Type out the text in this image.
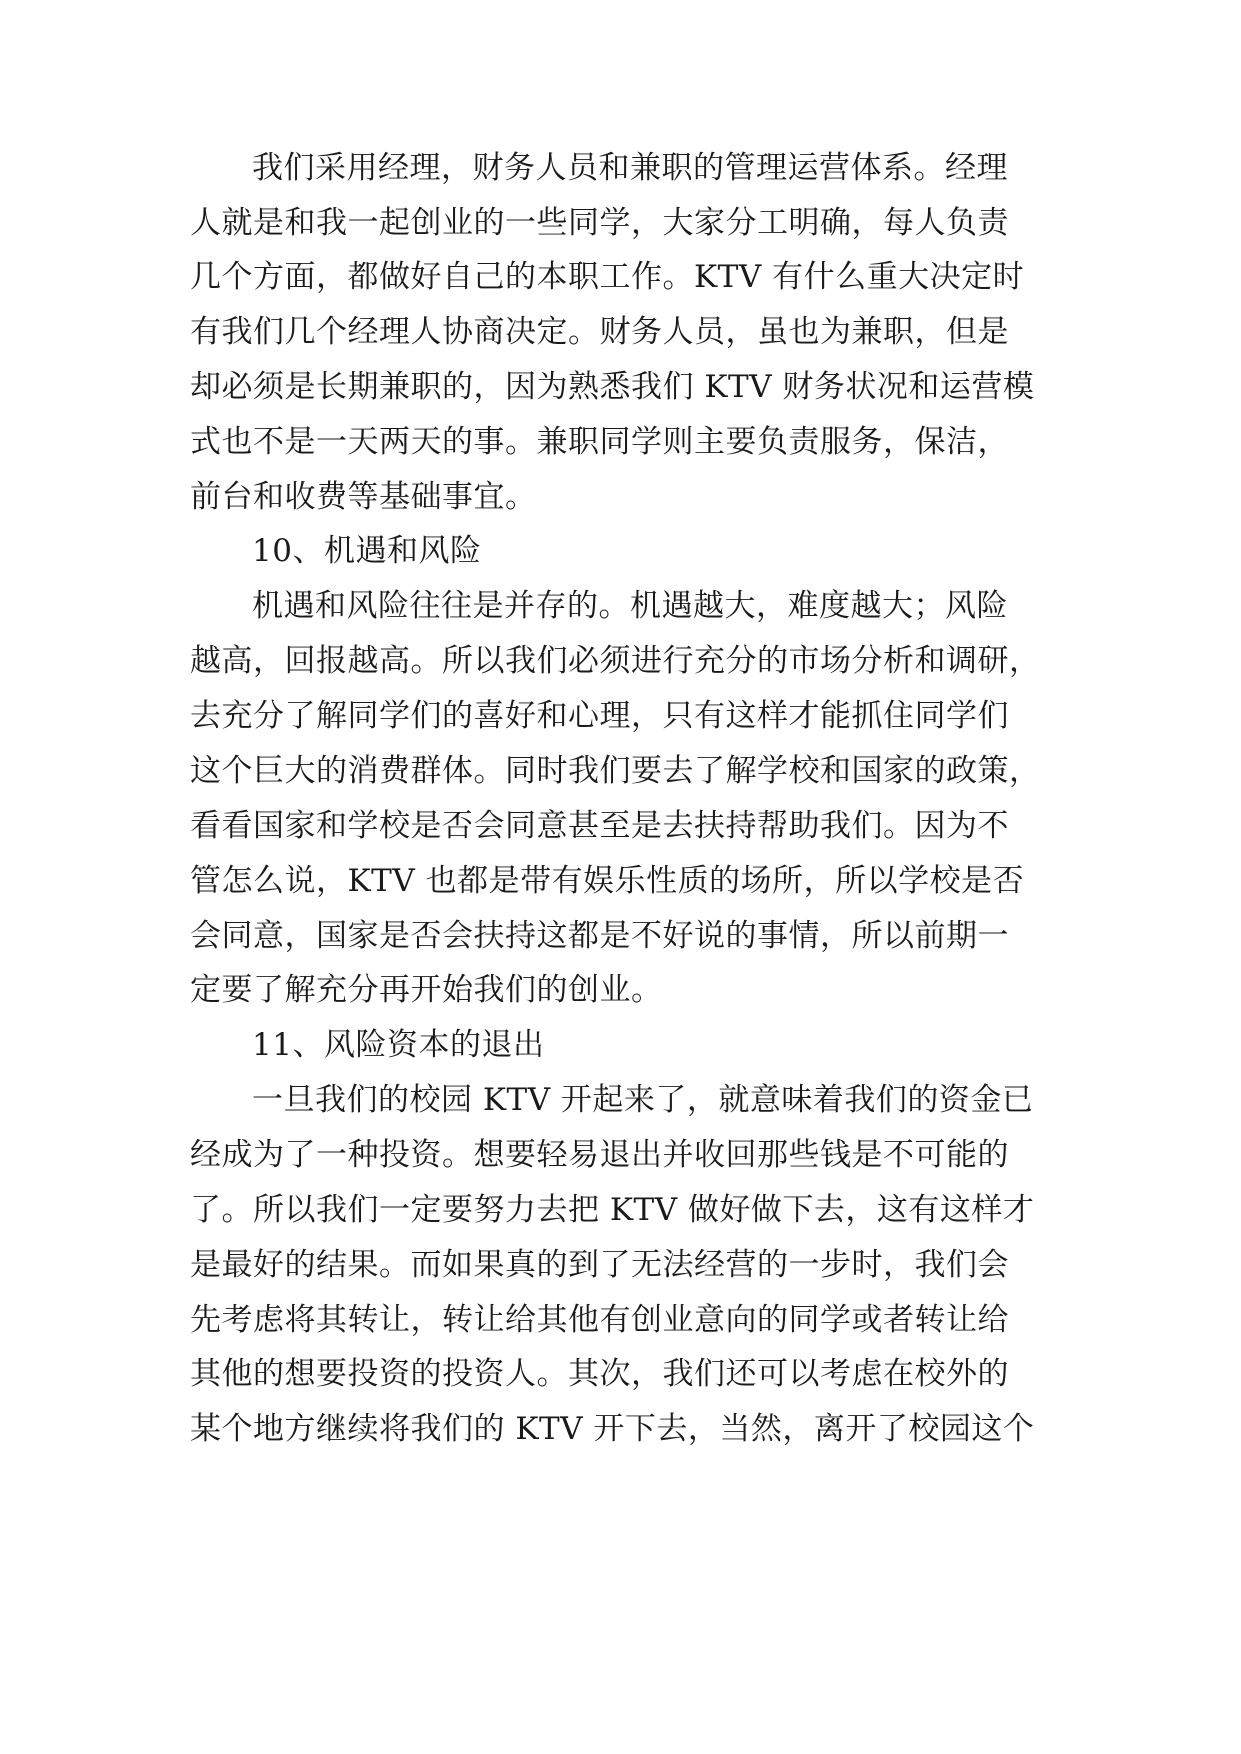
我们采用经理，财务人员和兼职的管理运营体系。经理
人就是和我一起创业的一些同学，大家分工明确，每人负责
几个方面，都做好自己的本职工作。KTV 有什么重大决定时
有我们几个经理人协商决定。财务人员，虽也为兼职，但是
却必须是长期兼职的，因为熟悉我们 KTV 财务状况和运营模
式也不是一天两天的事。兼职同学则主要负责服务，保洁，
前台和收费等基础事宜。
10、机遇和风险
机遇和风险往往是并存的。机遇越大，难度越大；风险
越高，回报越高。所以我们必须进行充分的市场分析和调研，
去充分了解同学们的喜好和心理，只有这样才能抓住同学们
这个巨大的消费群体。同时我们要去了解学校和国家的政策，
看看国家和学校是否会同意甚至是去扶持帮助我们。因为不
管怎么说，KTV 也都是带有娱乐性质的场所，所以学校是否
会同意，国家是否会扶持这都是不好说的事情，所以前期一
定要了解充分再开始我们的创业。
11、风险资本的退出
一旦我们的校园 KTV 开起来了，就意味着我们的资金已
经成为了一种投资。想要轻易退出并收回那些钱是不可能的
了。所以我们一定要努力去把 KTV 做好做下去，这有这样才
是最好的结果。而如果真的到了无法经营的一步时，我们会
先考虑将其转让，转让给其他有创业意向的同学或者转让给
其他的想要投资的投资人。其次，我们还可以考虑在校外的
某个地方继续将我们的 KTV 开下去，当然，离开了校园这个
